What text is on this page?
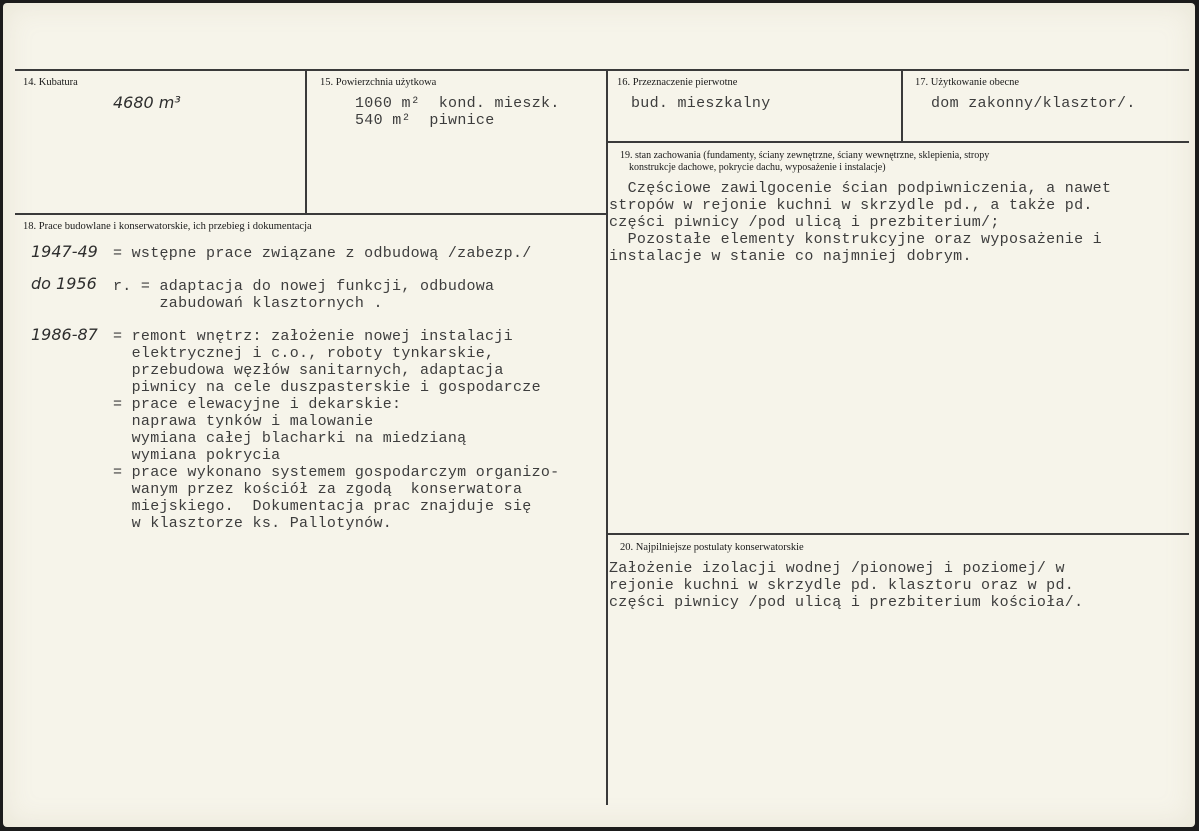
14. Kubatura
4680 m³
15. Powierzchnia użytkowa
1060 m²  kond. mieszk.
540 m²  piwnice
16. Przeznaczenie pierwotne
bud. mieszkalny
17. Użytkowanie obecne
dom zakonny/klasztor/.
18. Prace budowlane i konserwatorskie, ich przebieg i dokumentacja
1947-49 = wstępne prace związane z odbudową /zabezp./
do 1956 r. = adaptacja do nowej funkcji, odbudowa
zabudowań klasztornych .
1986-87 = remont wnętrz: założenie nowej instalacji
elektrycznej i c.o., roboty tynkarskie,
przebudowa węzłów sanitarnych, adaptacja
piwnicy na cele duszpasterskie i gospodarcze
= prace elewacyjne i dekarskie:
naprawa tynków i malowanie
wymiana całej blacharki na miedzianą
wymiana pokrycia
= prace wykonano systemem gospodarczym organizo-
wanym przez kościół za zgodą  konserwatora
miejskiego.  Dokumentacja prac znajduje się
w klasztorze ks. Pallotynów.
19. stan zachowania (fundamenty, ściany zewnętrzne, ściany wewnętrzne, sklepienia, stropy
konstrukcje dachowe, pokrycie dachu, wyposażenie i instalacje)
Częściowe zawilgocenie ścian podpiwniczenia, a nawet
stropów w rejonie kuchni w skrzydle pd., a także pd.
części piwnicy /pod ulicą i prezbiterium/;
Pozostałe elementy konstrukcyjne oraz wyposażenie i
instalacje w stanie co najmniej dobrym.
20. Najpilniejsze postulaty konserwatorskie
Założenie izolacji wodnej /pionowej i poziomej/ w
rejonie kuchni w skrzydle pd. klasztoru oraz w pd.
części piwnicy /pod ulicą i prezbiterium kościoła/.
